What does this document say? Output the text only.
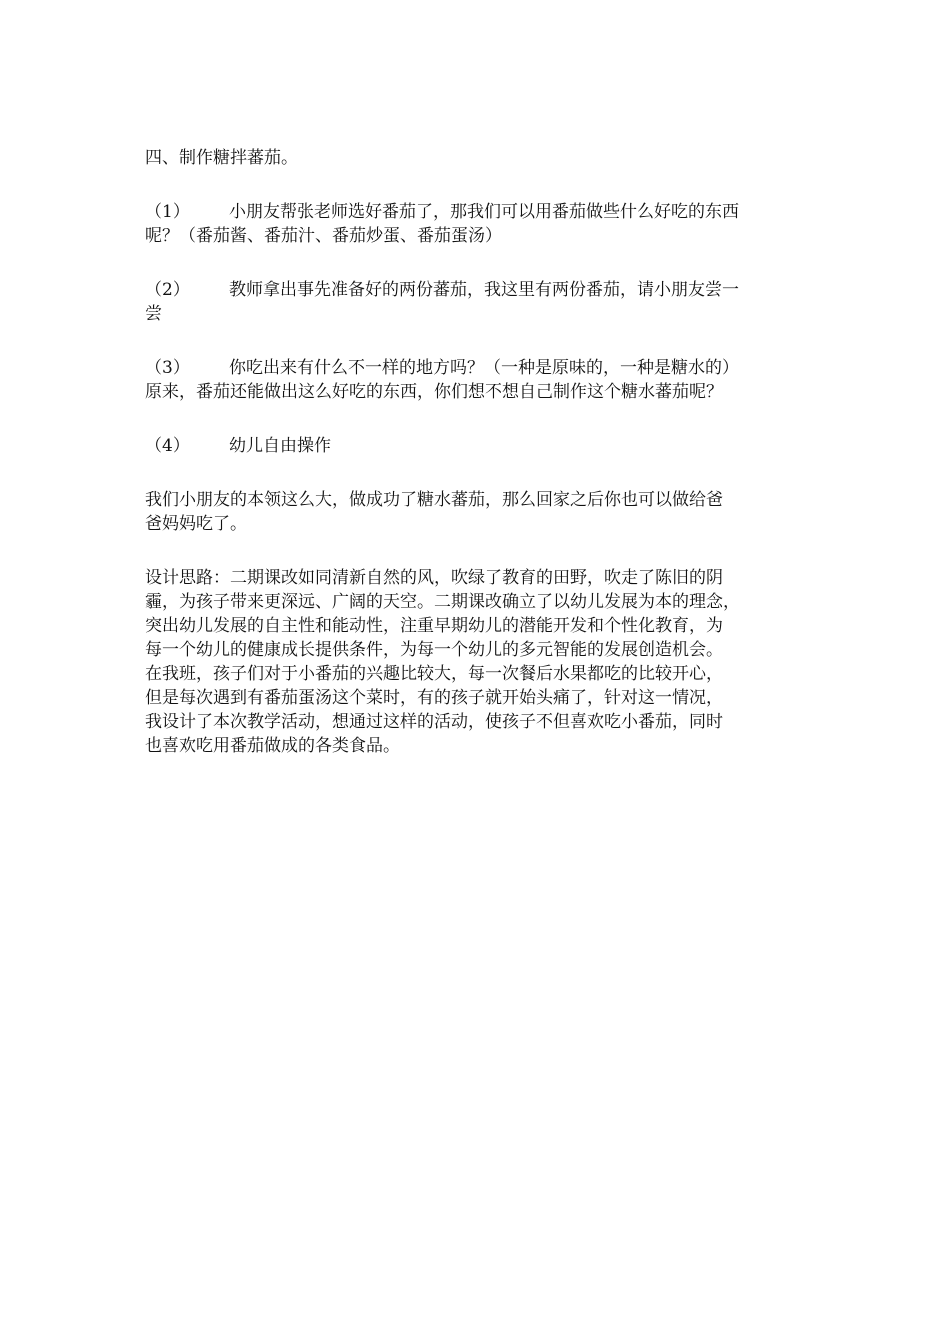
四、制作糖拌蕃茄。

（1） 小朋友帮张老师选好番茄了，那我们可以用番茄做些什么好吃的东西

呢？（番茄酱、番茄汁、番茄炒蛋、番茄蛋汤）

（2） 教师拿出事先准备好的两份蕃茄，我这里有两份番茄，请小朋友尝一

尝

（3） 你吃出来有什么不一样的地方吗？（一种是原味的，一种是糖水的）

原来，番茄还能做出这么好吃的东西，你们想不想自己制作这个糖水蕃茄呢？

（4） 幼儿自由操作

我们小朋友的本领这么大，做成功了糖水蕃茄，那么回家之后你也可以做给爸

爸妈妈吃了。

设计思路：二期课改如同清新自然的风，吹绿了教育的田野，吹走了陈旧的阴

霾，为孩子带来更深远、广阔的天空。二期课改确立了以幼儿发展为本的理念，

突出幼儿发展的自主性和能动性，注重早期幼儿的潜能开发和个性化教育，为

每一个幼儿的健康成长提供条件，为每一个幼儿的多元智能的发展创造机会。

在我班，孩子们对于小番茄的兴趣比较大，每一次餐后水果都吃的比较开心，

但是每次遇到有番茄蛋汤这个菜时，有的孩子就开始头痛了，针对这一情况，

我设计了本次教学活动，想通过这样的活动，使孩子不但喜欢吃小番茄，同时

也喜欢吃用番茄做成的各类食品。
